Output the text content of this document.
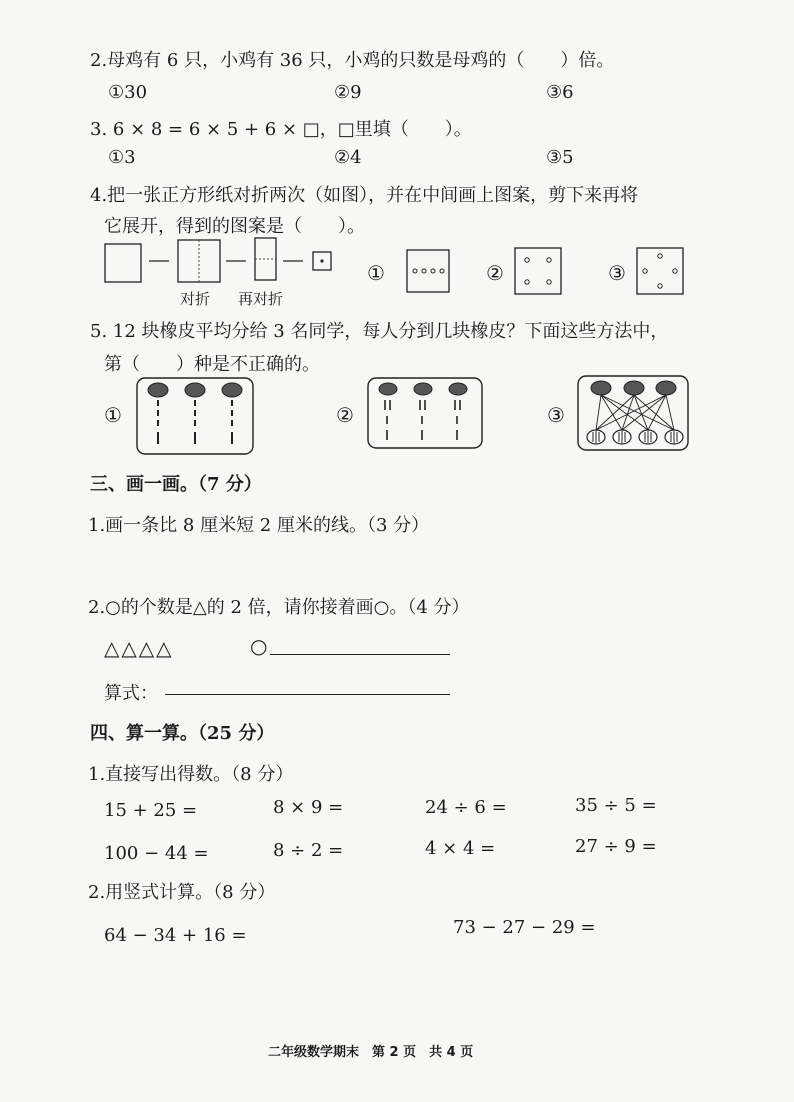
2.母鸡有 6 只，小鸡有 36 只，小鸡的只数是母鸡的（　　）倍。
①30	②9	③6
3. 6 × 8 = 6 × 5 + 6 × □，□里填（　　）。
①3	②4	③5
4.把一张正方形纸对折两次（如图），并在中间画上图案，剪下来再将
它展开，得到的图案是（　　）。
对折 再对折
①	②	③
5. 12 块橡皮平均分给 3 名同学，每人分到几块橡皮？下面这些方法中，
第（　　）种是不正确的。
①	②	③
三、画一画。（7 分）
1.画一条比 8 厘米短 2 厘米的线。（3 分）
2.○的个数是△的 2 倍，请你接着画○。（4 分）
△△△△	○
算式：
四、算一算。（25 分）
1.直接写出得数。（8 分）
15 + 25 =	8 × 9 =	24 ÷ 6 =	35 ÷ 5 =
100 − 44 =	8 ÷ 2 =	4 × 4 =	27 ÷ 9 =
2.用竖式计算。（8 分）
64 − 34 + 16 =	73 − 27 − 29 =
二年级数学期末　第 2 页　共 4 页
